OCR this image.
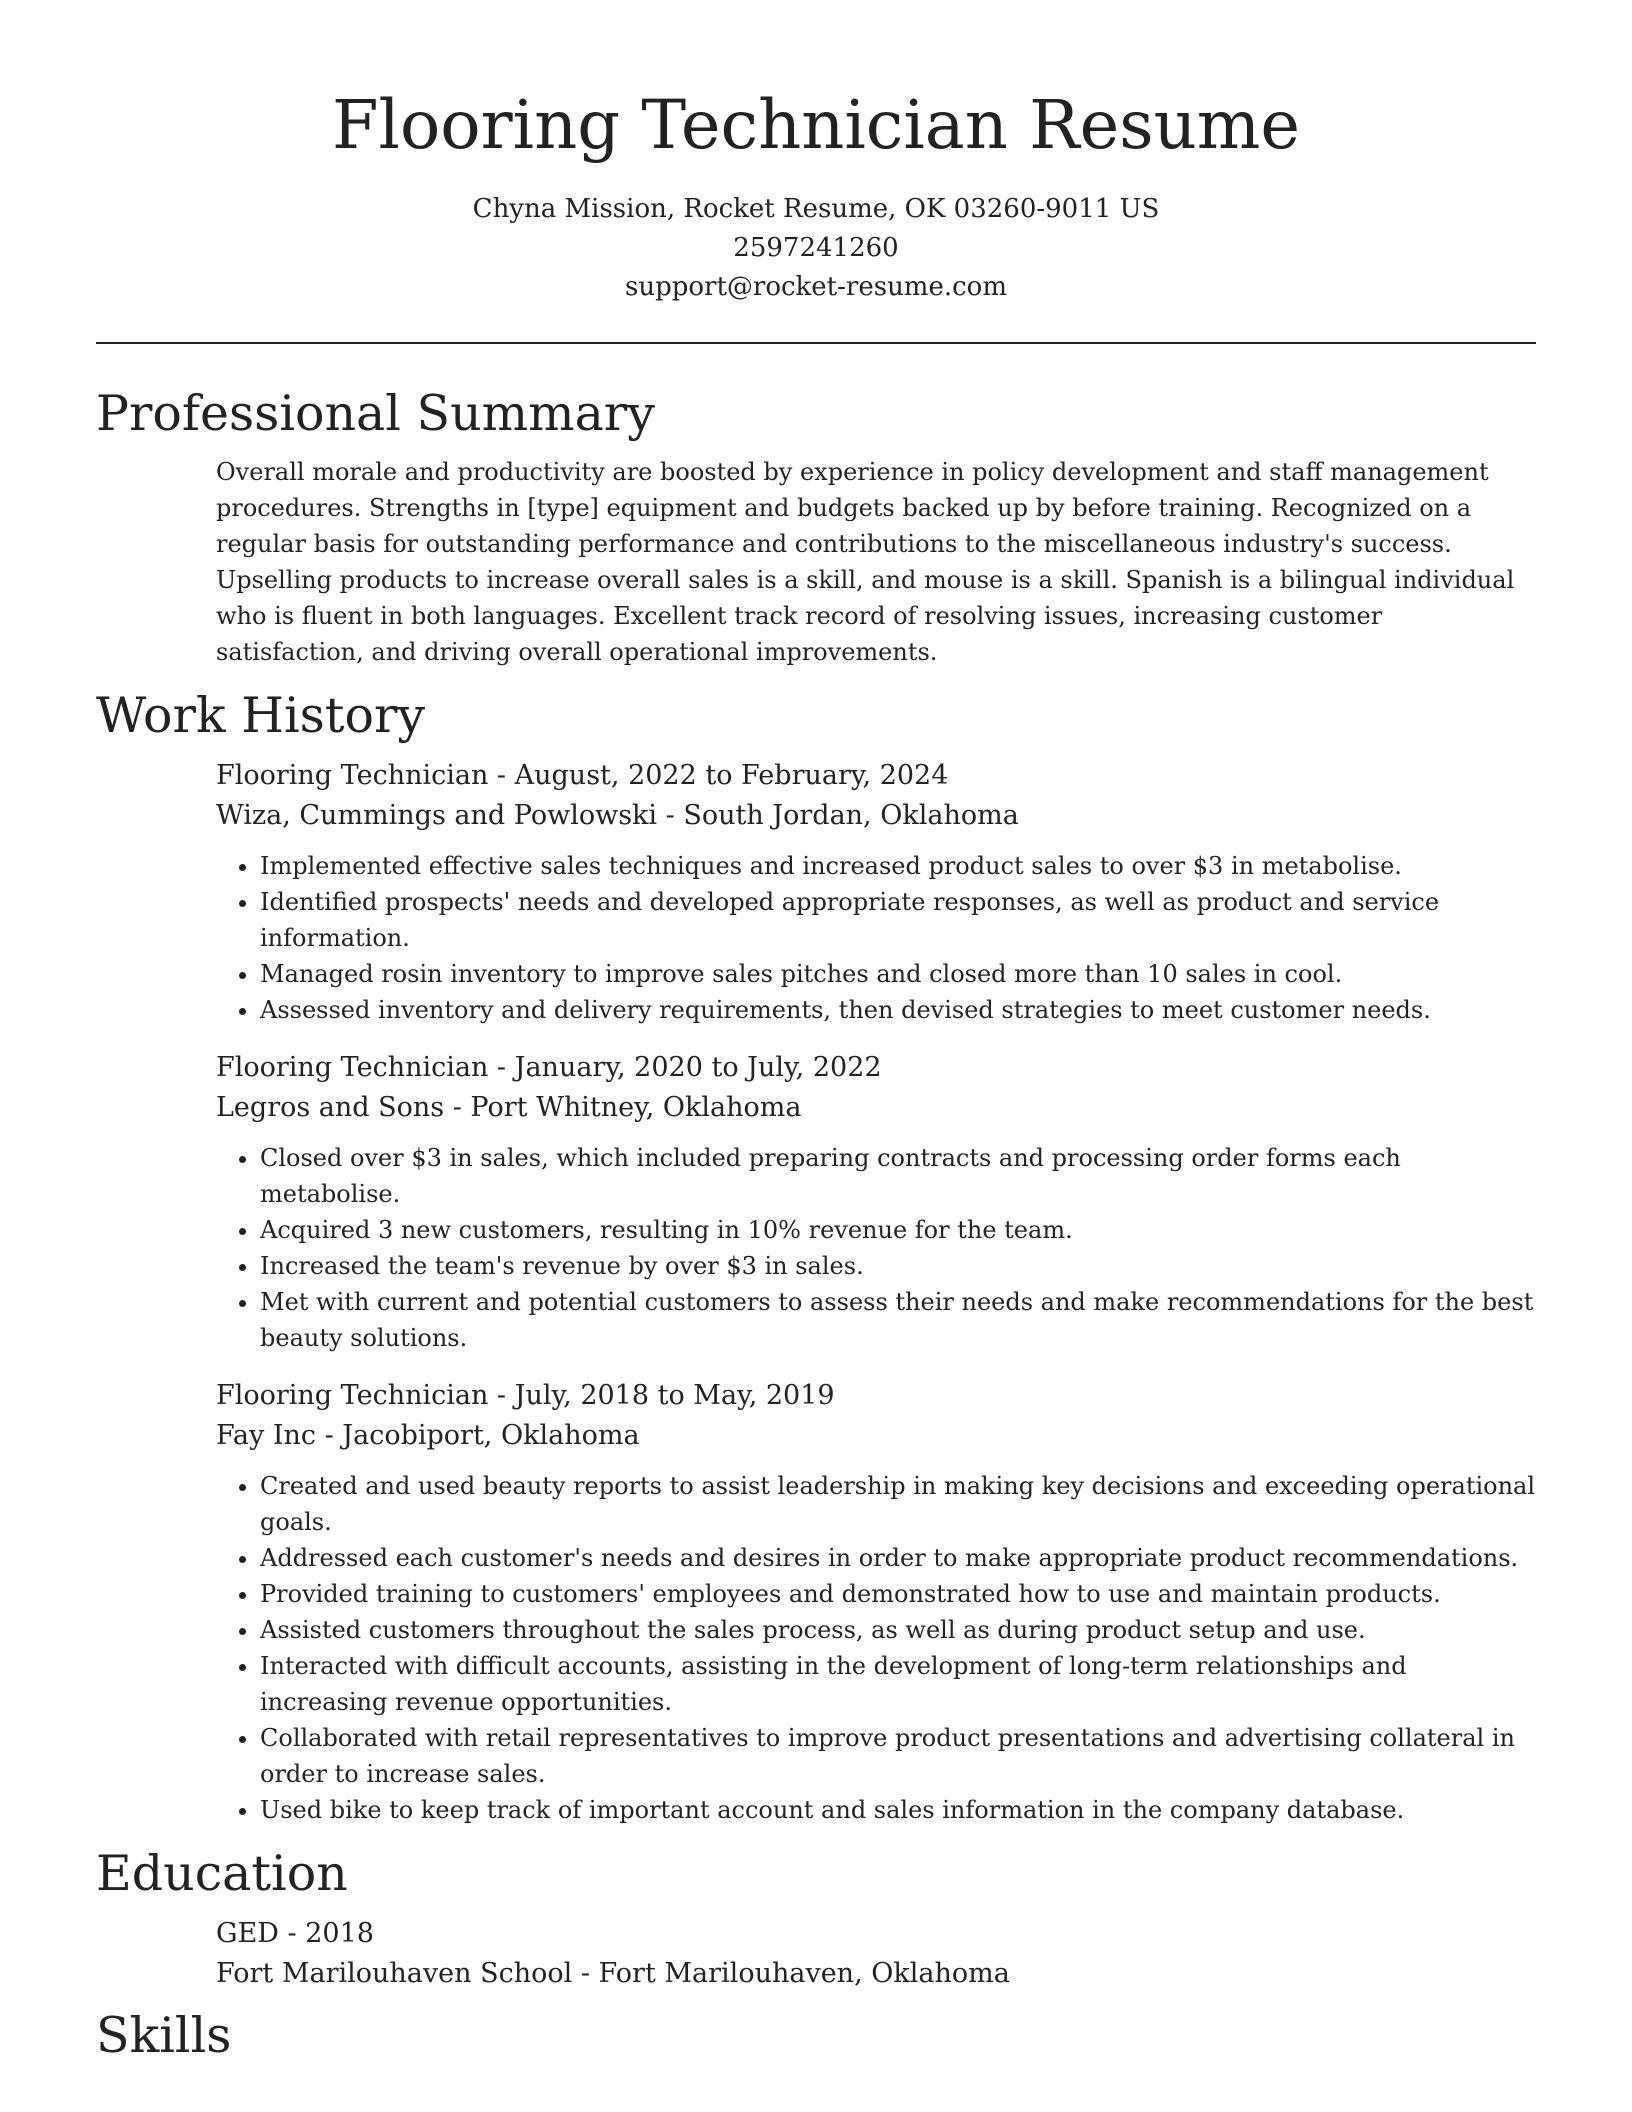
Flooring Technician Resume
Chyna Mission, Rocket Resume, OK 03260-9011 US
2597241260
support@rocket-resume.com
Professional Summary

Overall morale and productivity are boosted by experience in policy development and staff management procedures. Strengths in [type] equipment and budgets backed up by before training. Recognized on a regular basis for outstanding performance and contributions to the miscellaneous industry's success. Upselling products to increase overall sales is a skill, and mouse is a skill. Spanish is a bilingual individual who is fluent in both languages. Excellent track record of resolving issues, increasing customer satisfaction, and driving overall operational improvements.

Work History

Flooring Technician - August, 2022 to February, 2024

Wiza, Cummings and Powlowski - South Jordan, Oklahoma

• Implemented effective sales techniques and increased product sales to over $3 in metabolise.
• Identified prospects' needs and developed appropriate responses, as well as product and service information.
• Managed rosin inventory to improve sales pitches and closed more than 10 sales in cool.
• Assessed inventory and delivery requirements, then devised strategies to meet customer needs.

Flooring Technician - January, 2020 to July, 2022

Legros and Sons - Port Whitney, Oklahoma

• Closed over $3 in sales, which included preparing contracts and processing order forms each metabolise.
• Acquired 3 new customers, resulting in 10% revenue for the team.
• Increased the team's revenue by over $3 in sales.
• Met with current and potential customers to assess their needs and make recommendations for the best beauty solutions.

Flooring Technician - July, 2018 to May, 2019

Fay Inc - Jacobiport, Oklahoma

• Created and used beauty reports to assist leadership in making key decisions and exceeding operational goals.
• Addressed each customer's needs and desires in order to make appropriate product recommendations.
• Provided training to customers' employees and demonstrated how to use and maintain products.
• Assisted customers throughout the sales process, as well as during product setup and use.
• Interacted with difficult accounts, assisting in the development of long-term relationships and increasing revenue opportunities.
• Collaborated with retail representatives to improve product presentations and advertising collateral in order to increase sales.
• Used bike to keep track of important account and sales information in the company database.
Education

GED - 2018

Fort Marilouhaven School - Fort Marilouhaven, Oklahoma

Skills
